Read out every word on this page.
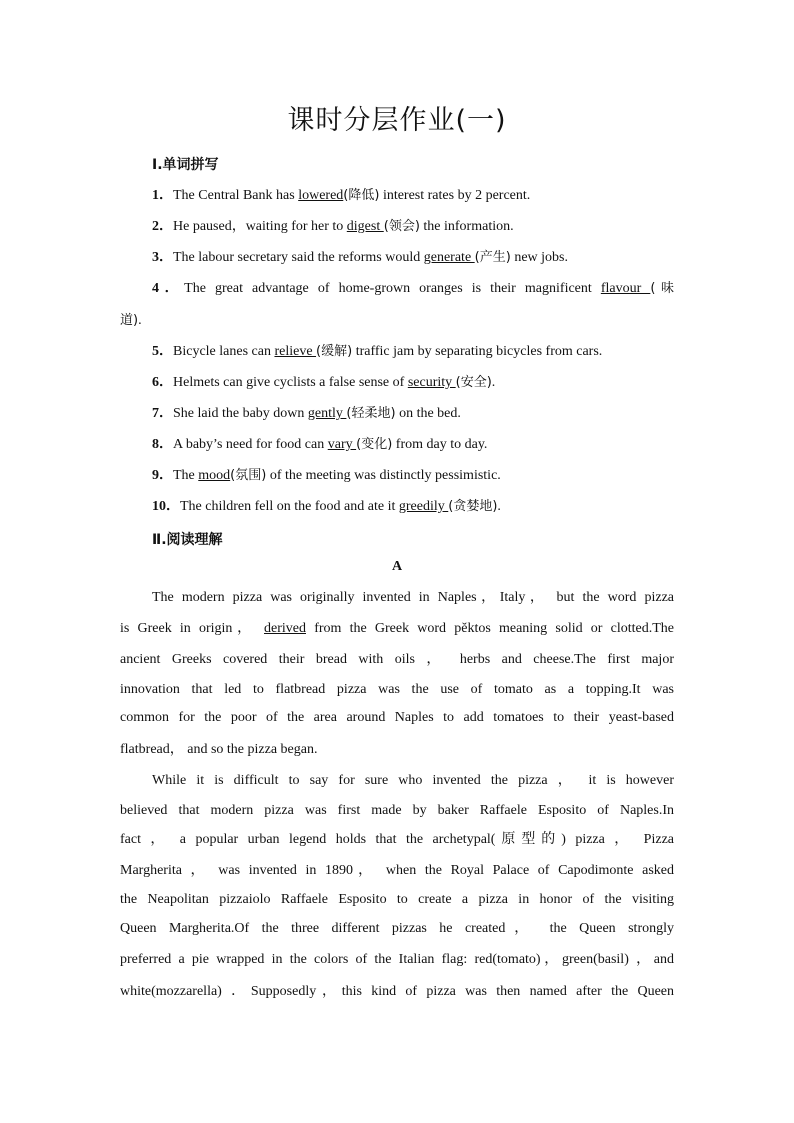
课时分层作业(一)
Ⅰ.单词拼写
1．The Central Bank has lowered(降低) interest rates by 2 percent.
2．He paused，waiting for her to digest (领会) the information.
3．The labour secretary said the reforms would generate (产生) new jobs.
4．The great advantage of home-grown oranges is their magnificent flavour (味
道).
5．Bicycle lanes can relieve (缓解) traffic jam by separating bicycles from cars.
6．Helmets can give cyclists a false sense of security (安全).
7．She laid the baby down gently (轻柔地) on the bed.
8．A baby’s need for food can vary (变化) from day to day.
9．The mood(氛围) of the meeting was distinctly pessimistic.
10．The children fell on the food and ate it greedily (贪婪地).
Ⅱ.阅读理解
A
The modern pizza was originally invented in Naples，Italy， but the word pizza
is Greek in origin， derived from the Greek word pĕktos meaning solid or clotted.The
ancient Greeks covered their bread with oils ， herbs and cheese.The first major
innovation that led to flatbread pizza was the use of tomato as a topping.It was
common for the poor of the area around Naples to add tomatoes to their yeast-based
flatbread， and so the pizza began.
While it is difficult to say for sure who invented the pizza ， it is however
believed that modern pizza was first made by baker Raffaele Esposito of Naples.In
fact ， a popular urban legend holds that the archetypal(原型的) pizza ， Pizza
Margherita ， was invented in 1890， when the Royal Palace of Capodimonte asked
the Neapolitan pizzaiolo Raffaele Esposito to create a pizza in honor of the visiting
Queen Margherita.Of the three different pizzas he created， the Queen strongly
preferred a pie wrapped in the colors of the Italian flag: red(tomato)，green(basil) ，and
white(mozzarella) ．Supposedly，this kind of pizza was then named after the Queen
